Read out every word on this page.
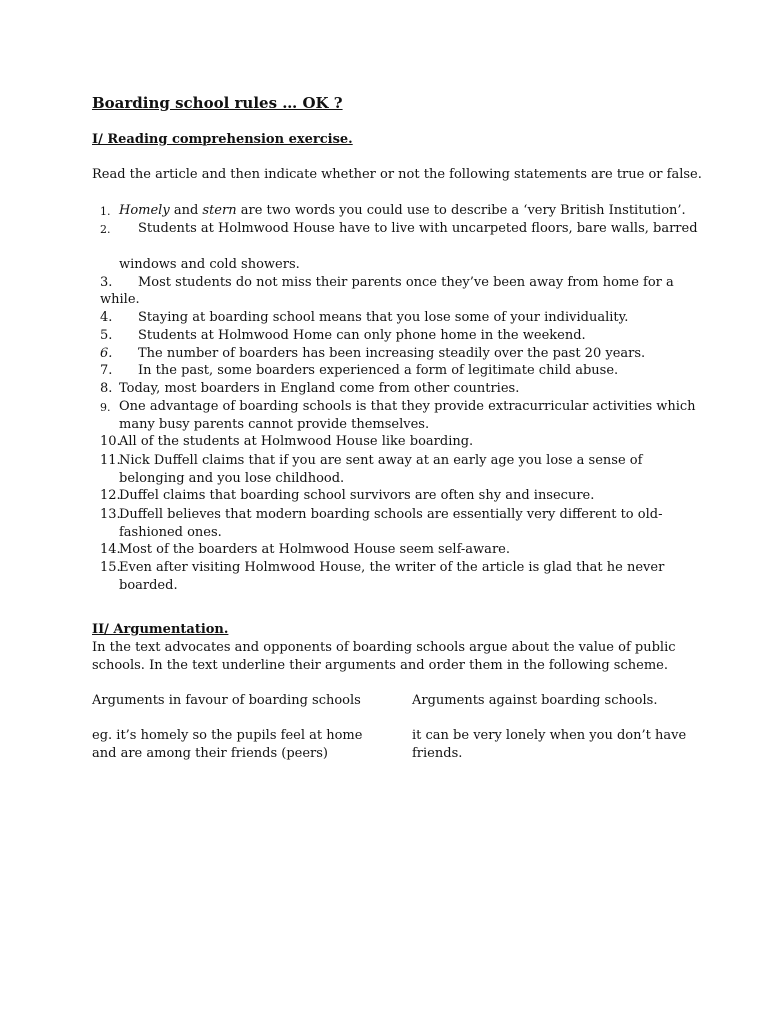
Boarding school rules … OK ?
I/ Reading comprehension exercise.
Read the article and then indicate whether or not the following statements are true or false.
1. Homely and stern are two words you could use to describe a ‘very British Institution’.
2. Students at Holmwood House have to live with uncarpeted floors, bare walls, barred
windows and cold showers.
3. Most students do not miss their parents once they’ve been away from home for a
while.
4. Staying at boarding school means that you lose some of your individuality.
5. Students at Holmwood Home can only phone home in the weekend.
6. The number of boarders has been increasing steadily over the past 20 years.
7. In the past, some boarders experienced a form of legitimate child abuse.
8. Today, most boarders in England come from other countries.
9. One advantage of boarding schools is that they provide extracurricular activities which
many busy parents cannot provide themselves.
10.
All of the students at Holmwood House like boarding.
11.
Nick Duffell claims that if you are sent away at an early age you lose a sense of
belonging and you lose childhood.
12.
Duffel claims that boarding school survivors are often shy and insecure.
13.
Duffell believes that modern boarding schools are essentially very different to old-
fashioned ones.
14.
Most of the boarders at Holmwood House seem self-aware.
15.
Even after visiting Holmwood House, the writer of the article is glad that he never
boarded.
II/ Argumentation.
In the text advocates and opponents of boarding schools argue about the value of public
schools. In the text underline their arguments and order them in the following scheme.
Arguments in favour of boarding schools	Arguments against boarding schools.
eg. it’s homely so the pupils feel at home
and are among their friends (peers)
it can be very lonely when you don’t have
friends.
